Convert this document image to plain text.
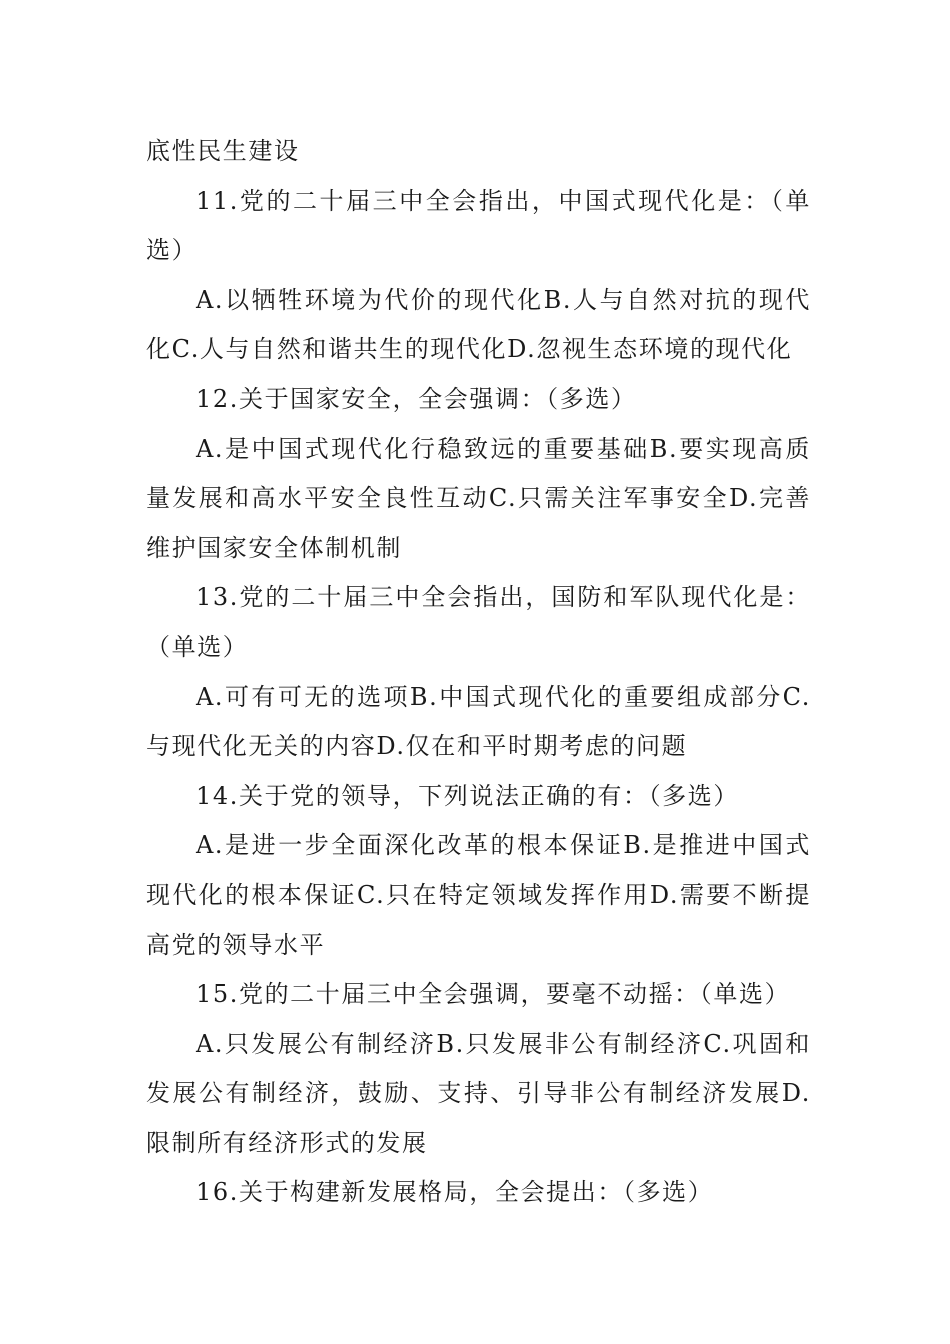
底性民生建设

11.党的二十届三中全会指出，中国式现代化是：（单选）

A.以牺牲环境为代价的现代化B.人与自然对抗的现代化C.人与自然和谐共生的现代化D.忽视生态环境的现代化

12.关于国家安全，全会强调：（多选）

A.是中国式现代化行稳致远的重要基础B.要实现高质量发展和高水平安全良性互动C.只需关注军事安全D.完善维护国家安全体制机制

13.党的二十届三中全会指出，国防和军队现代化是：（单选）

A.可有可无的选项B.中国式现代化的重要组成部分C.与现代化无关的内容D.仅在和平时期考虑的问题

14.关于党的领导，下列说法正确的有：（多选）

A.是进一步全面深化改革的根本保证B.是推进中国式现代化的根本保证C.只在特定领域发挥作用D.需要不断提高党的领导水平

15.党的二十届三中全会强调，要毫不动摇：（单选）

A.只发展公有制经济B.只发展非公有制经济C.巩固和发展公有制经济，鼓励、支持、引导非公有制经济发展D.限制所有经济形式的发展

16.关于构建新发展格局，全会提出：（多选）
